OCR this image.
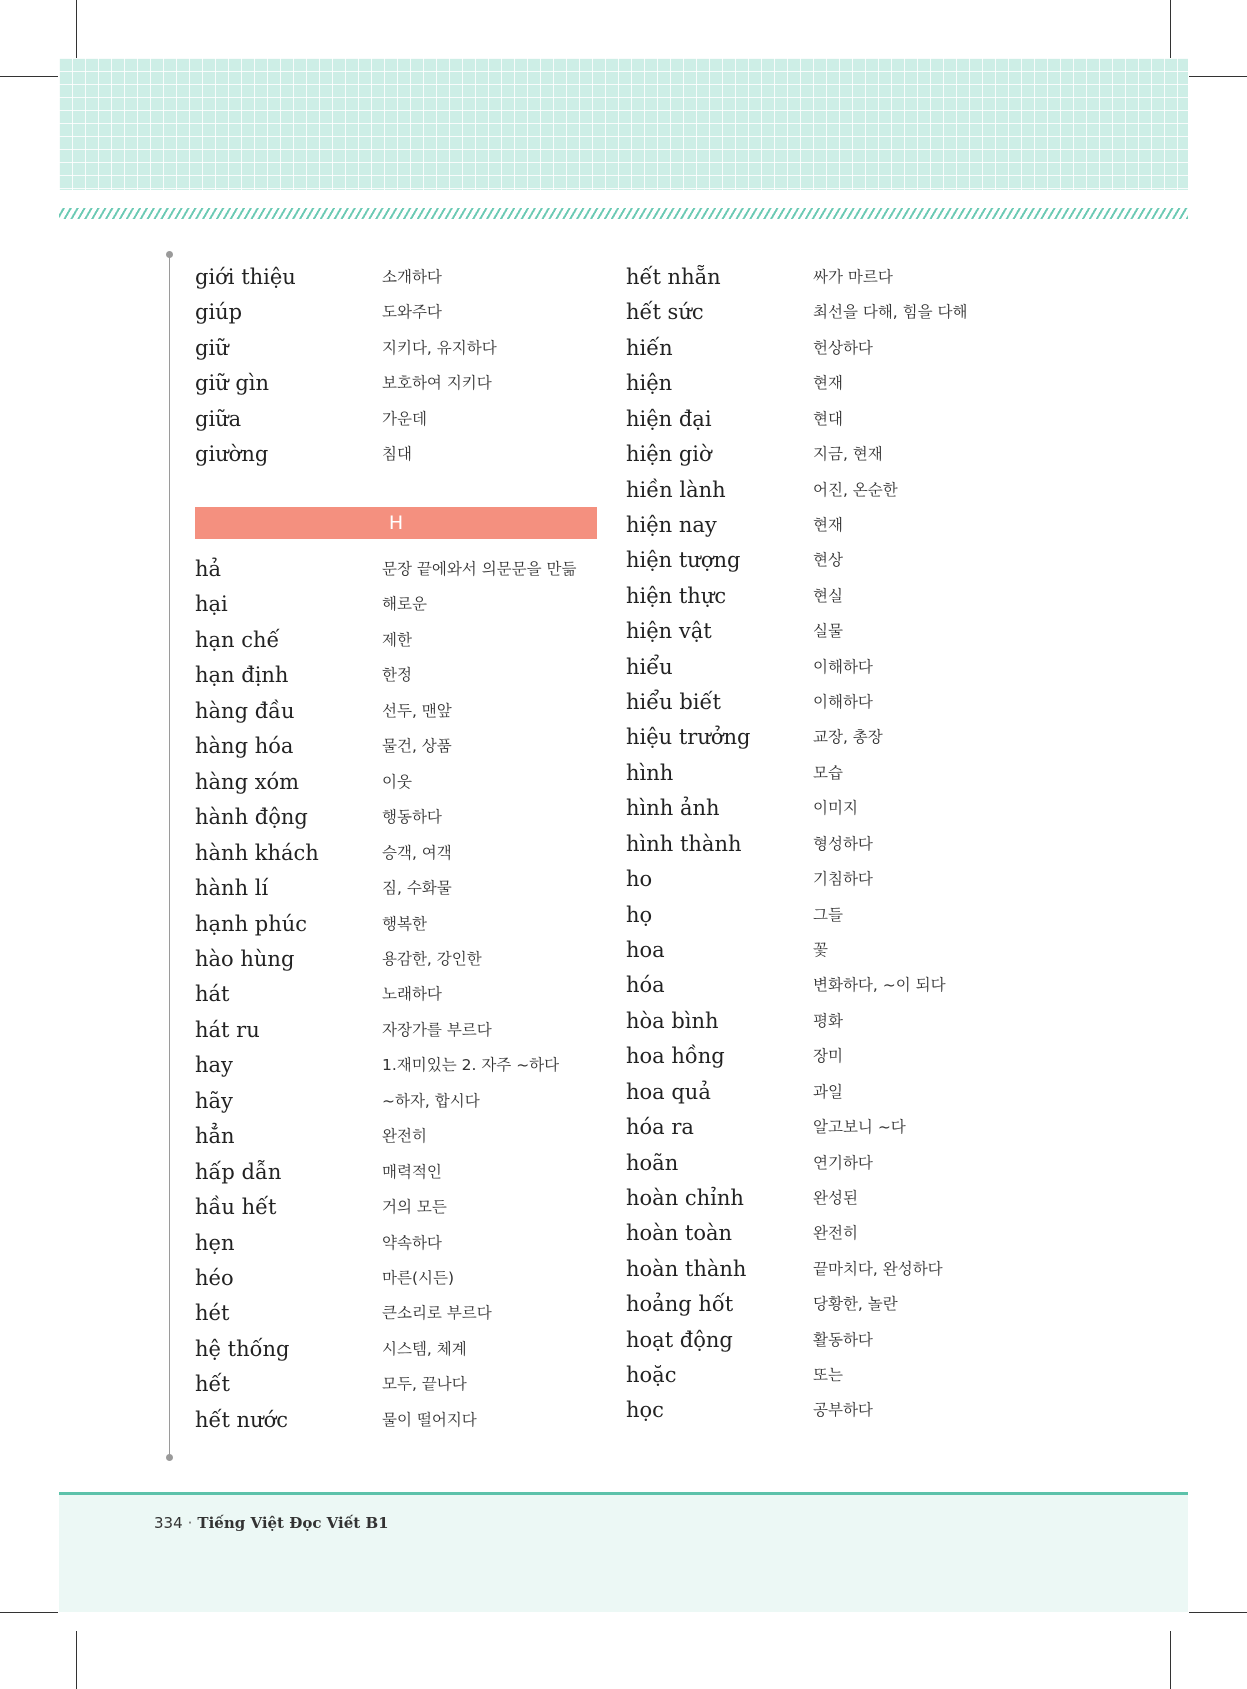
giới thiệu	소개하다
giúp	도와주다
giữ	지키다, 유지하다
giữ gìn	보호하여 지키다
giữa	가운데
giường	침대
H
hả	문장 끝에와서 의문문을 만듦
hại	해로운
hạn chế	제한
hạn định	한정
hàng đầu	선두, 맨앞
hàng hóa	물건, 상품
hàng xóm	이웃
hành động	행동하다
hành khách	승객, 여객
hành lí	짐, 수화물
hạnh phúc	행복한
hào hùng	용감한, 강인한
hát	노래하다
hát ru	자장가를 부르다
hay	1.재미있는 2. 자주 ~하다
hãy	~하자, 합시다
hẳn	완전히
hấp dẫn	매력적인
hầu hết	거의 모든
hẹn	약속하다
héo	마른(시든)
hét	큰소리로 부르다
hệ thống	시스템, 체계
hết	모두, 끝나다
hết nước	물이 떨어지다
hết nhẵn	싸가 마르다
hết sức	최선을 다해, 힘을 다해
hiến	헌상하다
hiện	현재
hiện đại	현대
hiện giờ	지금, 현재
hiền lành	어진, 온순한
hiện nay	현재
hiện tượng	현상
hiện thực	현실
hiện vật	실물
hiểu	이해하다
hiểu biết	이해하다
hiệu trưởng	교장, 총장
hình	모습
hình ảnh	이미지
hình thành	형성하다
ho	기침하다
họ	그들
hoa	꽃
hóa	변화하다, ~이 되다
hòa bình	평화
hoa hồng	장미
hoa quả	과일
hóa ra	알고보니 ~다
hoãn	연기하다
hoàn chỉnh	완성된
hoàn toàn	완전히
hoàn thành	끝마치다, 완성하다
hoảng hốt	당황한, 놀란
hoạt động	활동하다
hoặc	또는
học	공부하다
334 · Tiếng Việt Đọc Viết B1
